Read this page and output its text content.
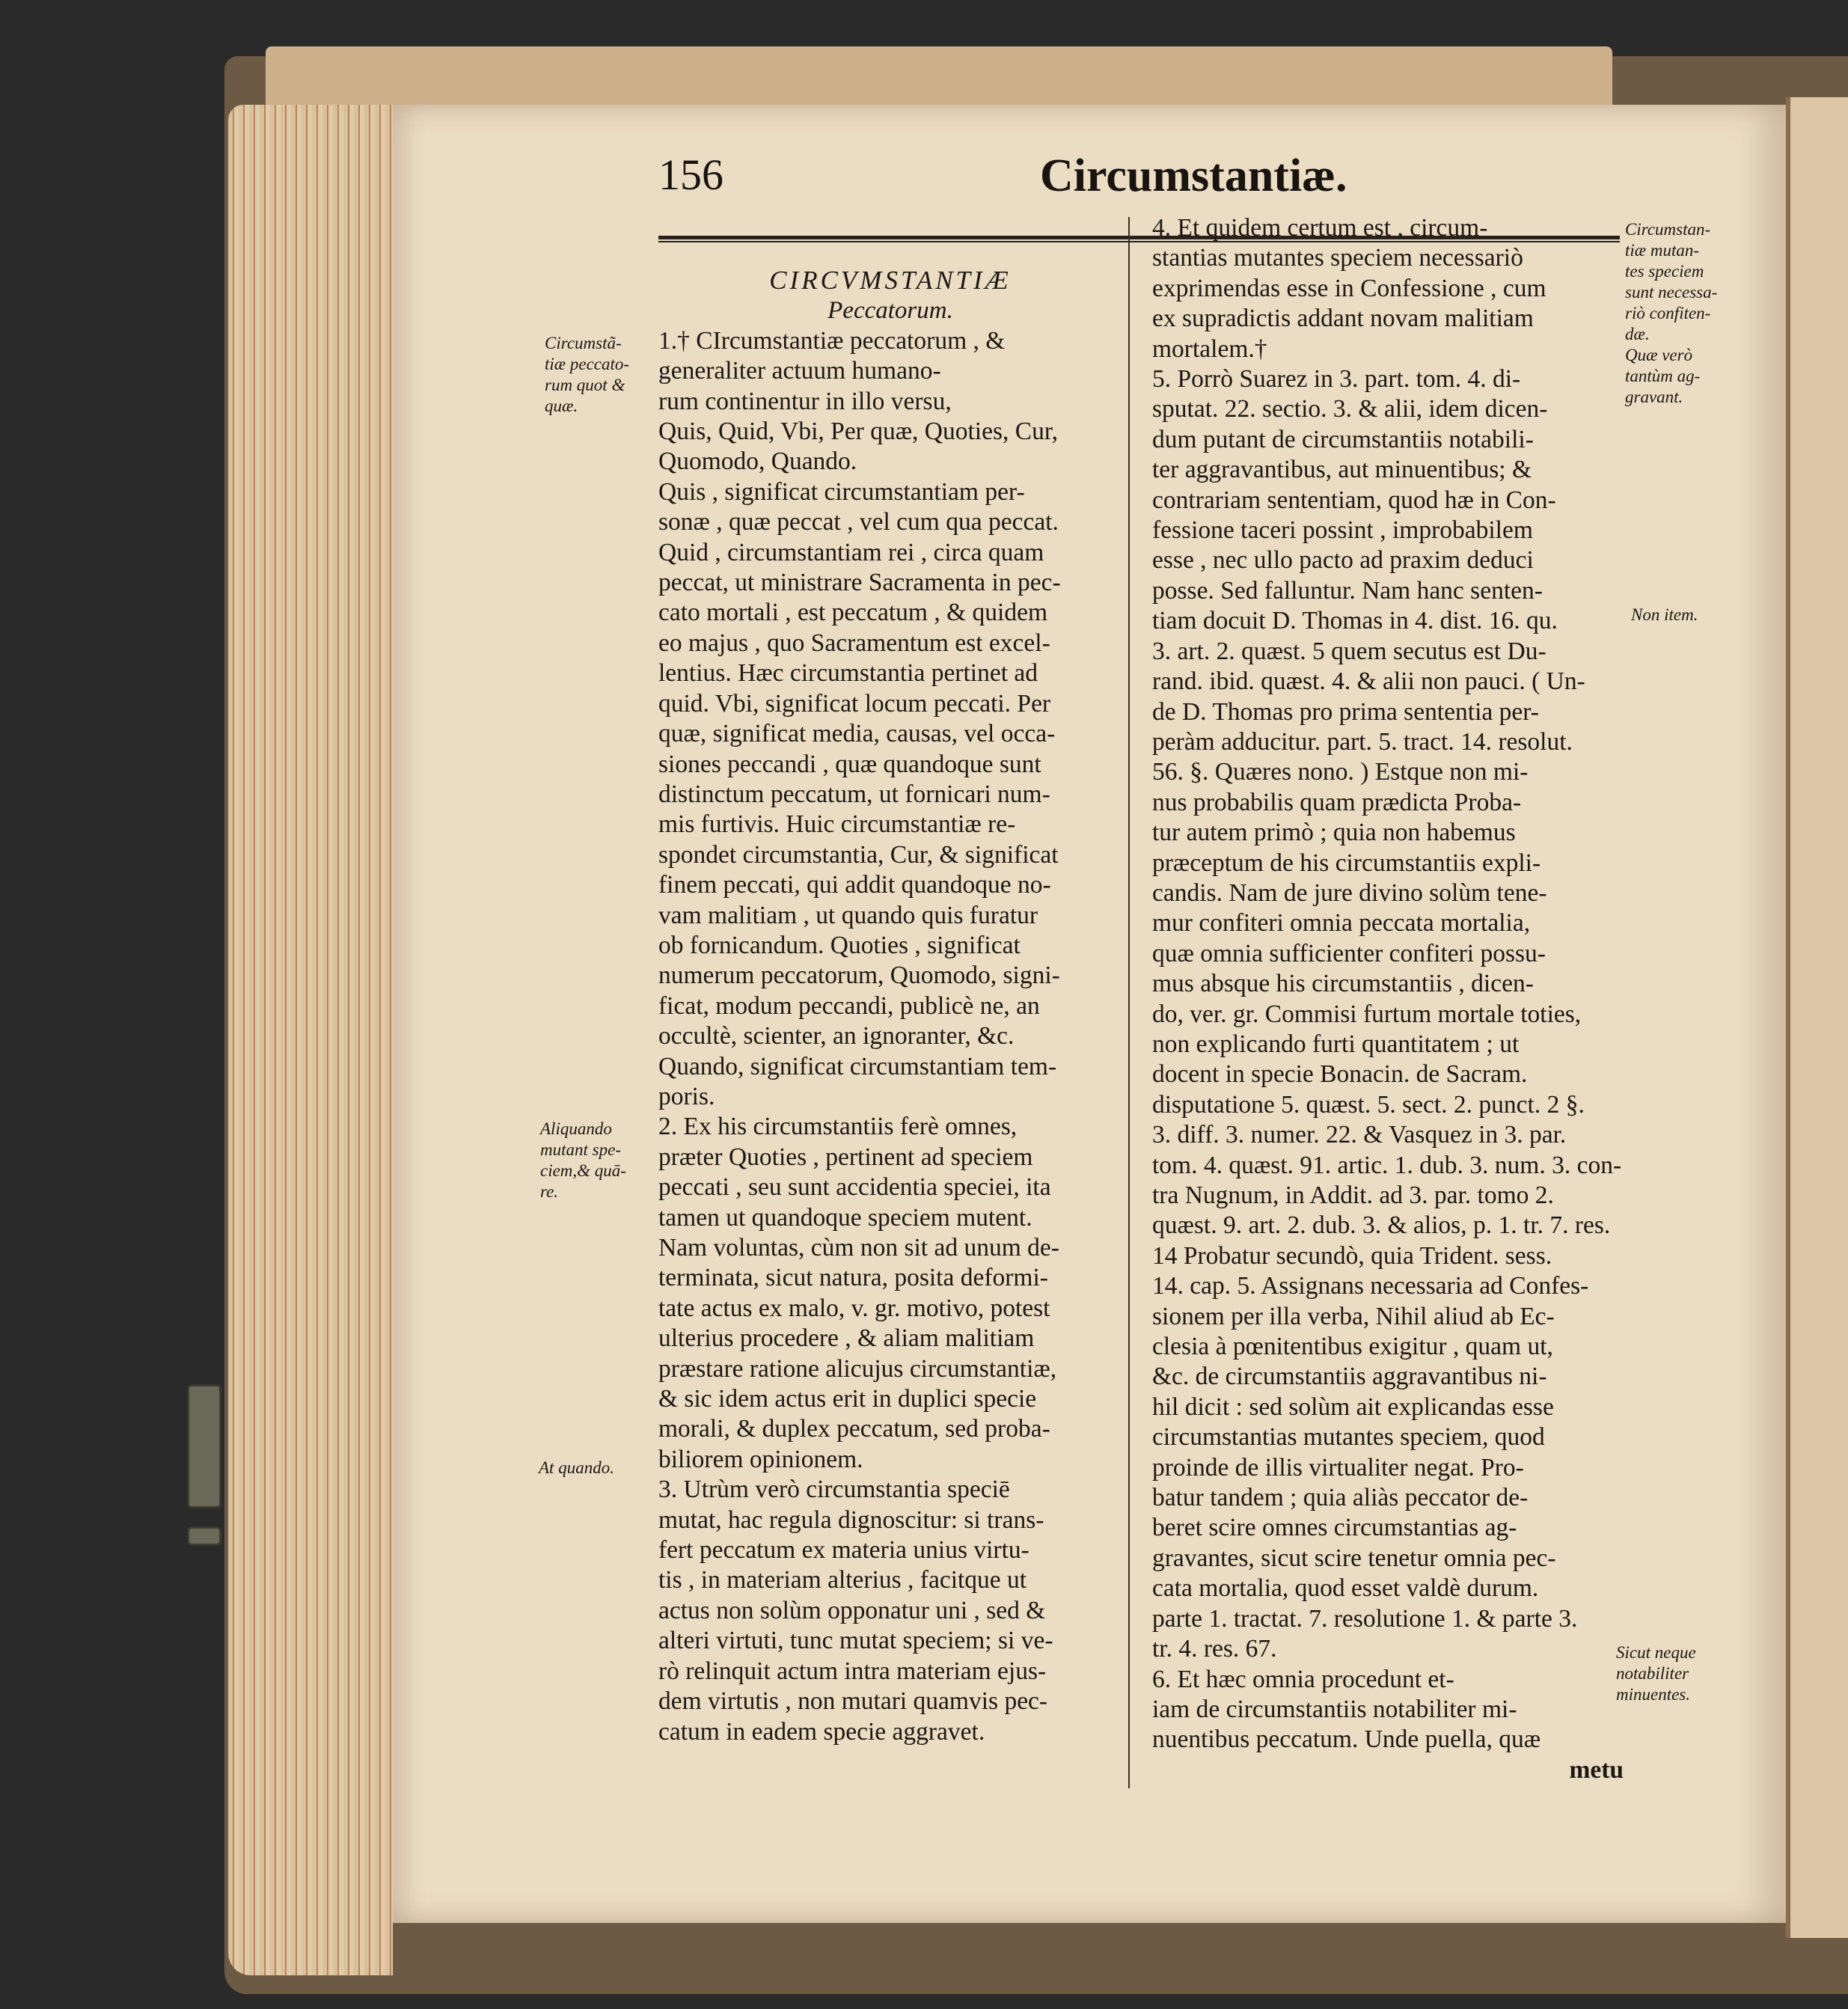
156	Circumstantiæ.

CIRCVMSTANTIÆ

Peccatorum.

1.† CIrcumstantiæ peccatorum , &

generaliter actuum humano-

rum continentur in illo versu,

Quis, Quid, Vbi, Per quæ, Quoties, Cur,

Quomodo, Quando.

Quis , significat circumstantiam per-

sonæ , quæ peccat , vel cum qua peccat.

Quid , circumstantiam rei , circa quam

peccat, ut ministrare Sacramenta in pec-

cato mortali , est peccatum , & quidem

eo majus , quo Sacramentum est excel-

lentius. Hæc circumstantia pertinet ad

quid. Vbi, significat locum peccati. Per

quæ, significat media, causas, vel occa-

siones peccandi , quæ quandoque sunt

distinctum peccatum, ut fornicari num-

mis furtivis. Huic circumstantiæ re-

spondet circumstantia, Cur, & significat

finem peccati, qui addit quandoque no-

vam malitiam , ut quando quis furatur

ob fornicandum. Quoties , significat

numerum peccatorum, Quomodo, signi-

ficat, modum peccandi, publicè ne, an

occultè, scienter, an ignoranter, &c.

Quando, significat circumstantiam tem-

poris.

2. Ex his circumstantiis ferè omnes,

præter Quoties , pertinent ad speciem

peccati , seu sunt accidentia speciei, ita

tamen ut quandoque speciem mutent.

Nam voluntas, cùm non sit ad unum de-

terminata, sicut natura, posita deformi-

tate actus ex malo, v. gr. motivo, potest

ulterius procedere , & aliam malitiam

præstare ratione alicujus circumstantiæ,

& sic idem actus erit in duplici specie

morali, & duplex peccatum, sed proba-

biliorem opinionem.

3. Utrùm verò circumstantia speciē

mutat, hac regula dignoscitur: si trans-

fert peccatum ex materia unius virtu-

tis , in materiam alterius , facitque ut

actus non solùm opponatur uni , sed &

alteri virtuti, tunc mutat speciem; si ve-

rò relinquit actum intra materiam ejus-

dem virtutis , non mutari quamvis pec-

catum in eadem specie aggravet.

4. Et quidem certum est , circum-

stantias mutantes speciem necessariò

exprimendas esse in Confessione , cum

ex supradictis addant novam malitiam

mortalem.†

5. Porrò Suarez in 3. part. tom. 4. di-

sputat. 22. sectio. 3. & alii, idem dicen-

dum putant de circumstantiis notabili-

ter aggravantibus, aut minuentibus; &

contrariam sententiam, quod hæ in Con-

fessione taceri possint , improbabilem

esse , nec ullo pacto ad praxim deduci

posse. Sed falluntur. Nam hanc senten-

tiam docuit D. Thomas in 4. dist. 16. qu.

3. art. 2. quæst. 5 quem secutus est Du-

rand. ibid. quæst. 4. & alii non pauci. ( Un-

de D. Thomas pro prima sententia per-

peràm adducitur. part. 5. tract. 14. resolut.

56. §. Quæres nono. ) Estque non mi-

nus probabilis quam prædicta Proba-

tur autem primò ; quia non habemus

præceptum de his circumstantiis expli-

candis. Nam de jure divino solùm tene-

mur confiteri omnia peccata mortalia,

quæ omnia sufficienter confiteri possu-

mus absque his circumstantiis , dicen-

do, ver. gr. Commisi furtum mortale toties,

non explicando furti quantitatem ; ut

docent in specie Bonacin. de Sacram.

disputatione 5. quæst. 5. sect. 2. punct. 2 §.

3. diff. 3. numer. 22. & Vasquez in 3. par.

tom. 4. quæst. 91. artic. 1. dub. 3. num. 3. con-

tra Nugnum, in Addit. ad 3. par. tomo 2.

quæst. 9. art. 2. dub. 3. & alios, p. 1. tr. 7. res.

14 Probatur secundò, quia Trident. sess.

14. cap. 5. Assignans necessaria ad Confes-

sionem per illa verba, Nihil aliud ab Ec-

clesia à pœnitentibus exigitur , quam ut,

&c. de circumstantiis aggravantibus ni-

hil dicit : sed solùm ait explicandas esse

circumstantias mutantes speciem, quod

proinde de illis virtualiter negat. Pro-

batur tandem ; quia aliàs peccator de-

beret scire omnes circumstantias ag-

gravantes, sicut scire tenetur omnia pec-

cata mortalia, quod esset valdè durum.

parte 1. tractat. 7. resolutione 1. & parte 3.

tr. 4. res. 67.

6. Et hæc omnia procedunt et-

iam de circumstantiis notabiliter mi-

nuentibus peccatum. Unde puella, quæ

metu

Circumstã-

tiæ peccato-

rum quot &

quæ.

Aliquando

mutant spe-

ciem,& quā-

re.

At quando.

Circumstan-

tiæ mutan-

tes speciem

sunt necessa-

riò confiten-

dæ.

Quæ verò

tantùm ag-

gravant.

Non item.

Sicut neque

notabiliter

minuentes.
